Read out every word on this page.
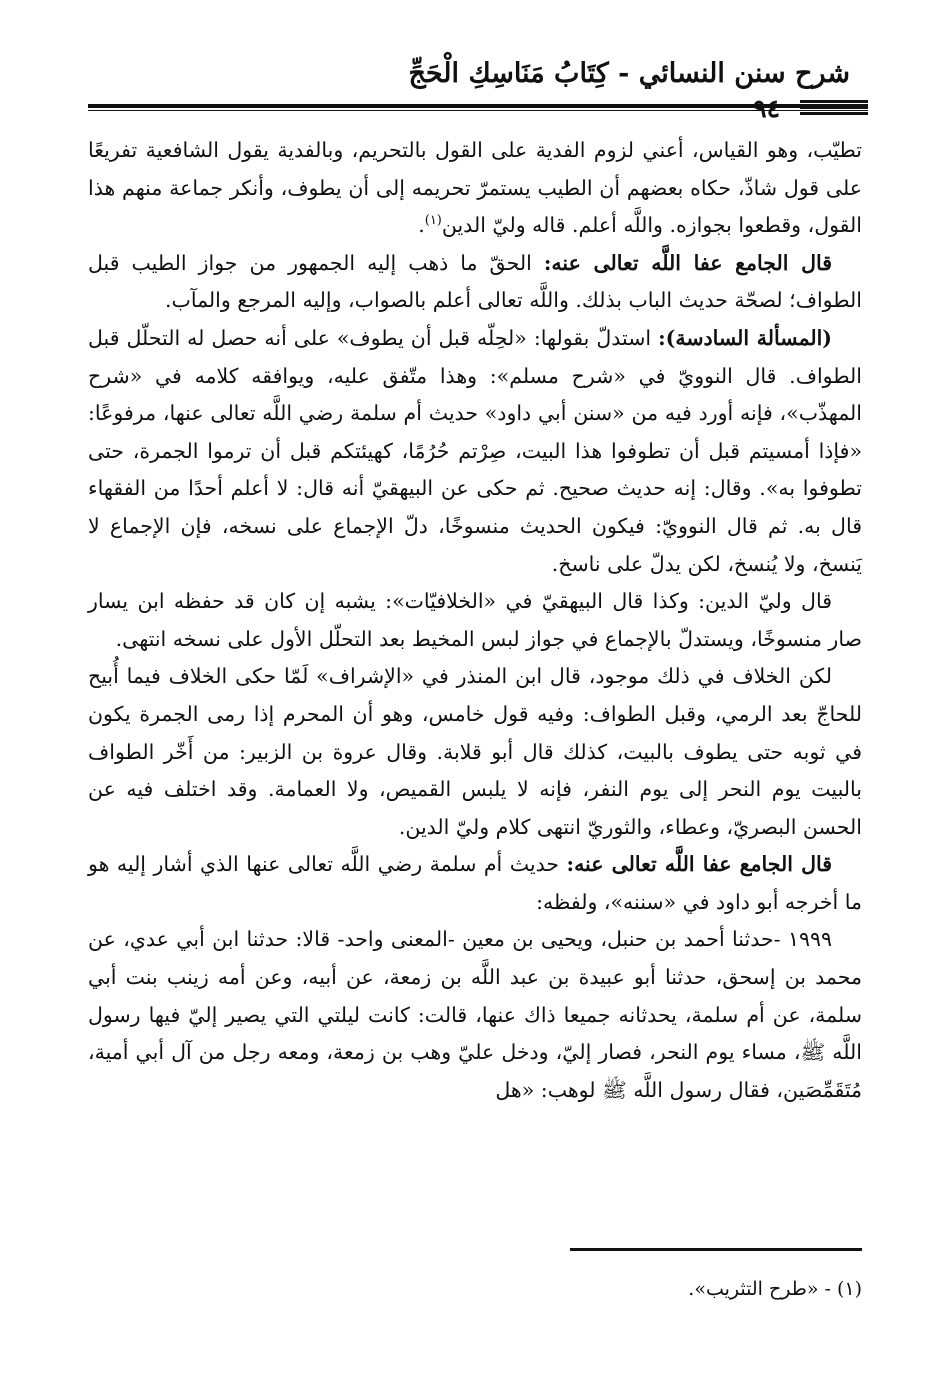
شرح سنن النسائي - كِتَابُ مَنَاسِكِ الْحَجِّ
٩٤

تطيّب، وهو القياس، أعني لزوم الفدية على القول بالتحريم، وبالفدية يقول الشافعية تفريعًا على قول شاذّ، حكاه بعضهم أن الطيب يستمرّ تحريمه إلى أن يطوف، وأنكر جماعة منهم هذا القول، وقطعوا بجوازه. واللَّه أعلم. قاله وليّ الدين$^{(١)}$.

قال الجامع عفا اللَّه تعالى عنه: الحقّ ما ذهب إليه الجمهور من جواز الطيب قبل الطواف؛ لصحّة حديث الباب بذلك. واللَّه تعالى أعلم بالصواب، وإليه المرجع والمآب.

(المسألة السادسة): استدلّ بقولها: «لحِلّه قبل أن يطوف» على أنه حصل له التحلّل قبل الطواف. قال النوويّ في «شرح مسلم»: وهذا متّفق عليه، ويوافقه كلامه في «شرح المهذّب»، فإنه أورد فيه من «سنن أبي داود» حديث أم سلمة رضي اللَّه تعالى عنها، مرفوعًا: «فإذا أمسيتم قبل أن تطوفوا هذا البيت، صِرْتم حُرُمًا، كهيئتكم قبل أن ترموا الجمرة، حتى تطوفوا به». وقال: إنه حديث صحيح. ثم حكى عن البيهقيّ أنه قال: لا أعلم أحدًا من الفقهاء قال به. ثم قال النوويّ: فيكون الحديث منسوخًا، دلّ الإجماع على نسخه، فإن الإجماع لا يَنسخ، ولا يُنسخ، لكن يدلّ على ناسخ.

قال وليّ الدين: وكذا قال البيهقيّ في «الخلافيّات»: يشبه إن كان قد حفظه ابن يسار صار منسوخًا، ويستدلّ بالإجماع في جواز لبس المخيط بعد التحلّل الأول على نسخه انتهى.

لكن الخلاف في ذلك موجود، قال ابن المنذر في «الإشراف» لَمّا حكى الخلاف فيما أُبيح للحاجّ بعد الرمي، وقبل الطواف: وفيه قول خامس، وهو أن المحرم إذا رمى الجمرة يكون في ثوبه حتى يطوف بالبيت، كذلك قال أبو قلابة. وقال عروة بن الزبير: من أَخّر الطواف بالبيت يوم النحر إلى يوم النفر، فإنه لا يلبس القميص، ولا العمامة. وقد اختلف فيه عن الحسن البصريّ، وعطاء، والثوريّ انتهى كلام وليّ الدين.

قال الجامع عفا اللَّه تعالى عنه: حديث أم سلمة رضي اللَّه تعالى عنها الذي أشار إليه هو ما أخرجه أبو داود في «سننه»، ولفظه:

١٩٩٩ -حدثنا أحمد بن حنبل، ويحيى بن معين -المعنى واحد- قالا: حدثنا ابن أبي عدي، عن محمد بن إسحق، حدثنا أبو عبيدة بن عبد اللَّه بن زمعة، عن أبيه، وعن أمه زينب بنت أبي سلمة، عن أم سلمة، يحدثانه جميعا ذاك عنها، قالت: كانت ليلتي التي يصير إليّ فيها رسول اللَّه ﷺ، مساء يوم النحر، فصار إليّ، ودخل عليّ وهب بن زمعة، ومعه رجل من آل أبي أمية، مُتَقَمِّصَين، فقال رسول اللَّه ﷺ لوهب: «هل

(١) - «طرح التثريب».
